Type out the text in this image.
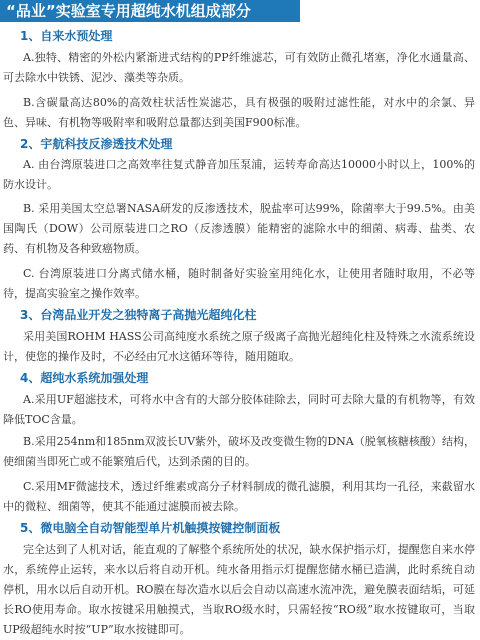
“品业”实验室专用超纯水机组成部分
1、自来水预处理

A.独特、精密的外松内紧渐进式结构的PP纤维滤芯，可有效防止微孔堵塞，净化水通量高、可去除水中铁锈、泥沙、藻类等杂质。

B.含碳量高达80%的高效柱状活性炭滤芯，具有极强的吸附过滤性能，对水中的余氯、异色、异味、有机物等吸附率和吸附总量都达到美国F900标准。

2、宇航科技反渗透技术处理

A. 由台湾原装进口之高效率往复式静音加压泵浦，运转寿命高达10000小时以上，100%的防水设计。

B. 采用美国太空总署NASA研发的反渗透技术，脱盐率可达99%，除菌率大于99.5%。由美国陶氏（DOW）公司原装进口之RO（反渗透膜）能精密的滤除水中的细菌、病毒、盐类、农药、有机物及各种致癌物质。

C. 台湾原装进口分离式储水桶，随时制备好实验室用纯化水，让使用者随时取用，不必等待，提高实验室之操作效率。

3、台湾品业开发之独特离子高抛光超纯化柱

采用美国ROHM HASS公司高纯度水系统之原子级离子高抛光超纯化柱及特殊之水流系统设计，使您的操作及时，不必经由冗水这循环等待，随用随取。

4、超纯水系统加强处理

A.采用UF超滤技术，可将水中含有的大部分胶体硅除去，同时可去除大量的有机物等，有效降低TOC含量。

B.采用254nm和185nm双波长UV紫外，破坏及改变微生物的DNA（脱氧核糖核酸）结构，使细菌当即死亡或不能繁殖后代，达到杀菌的目的。

C.采用MF微滤技术，透过纤维素或高分子材料制成的微孔滤膜，利用其均一孔径，来截留水中的微粒、细菌等，使其不能通过滤膜而被去除。

5、微电脑全自动智能型单片机触摸按键控制面板

完全达到了人机对话，能直观的了解整个系统所处的状况，缺水保护指示灯，提醒您自来水停水，系统停止运转，来水以后将自动开机。纯水备用指示灯提醒您储水桶已造满，此时系统自动停机，用水以后自动开机。RO膜在每次造水以后会自动以高速水流冲洗，避免膜表面结垢，可延长RO使用寿命。取水按键采用触摸式，当取RO级水时，只需轻按“RO级”取水按键取可，当取UP级超纯水时按“UP”取水按键即可。
